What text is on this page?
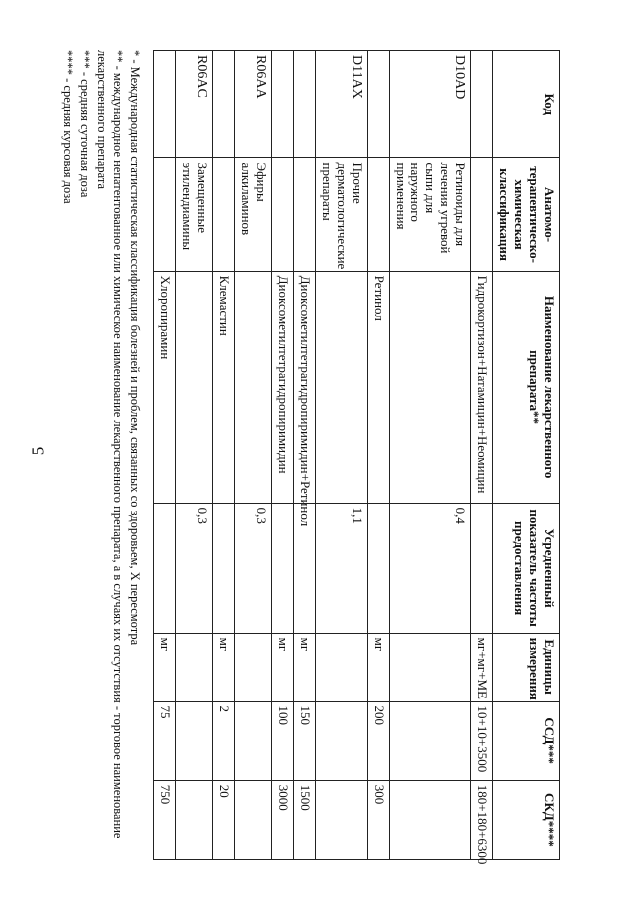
5
Код	Анатомо-терапевтическо-химическая классификация	Наименование лекарственного препарата**	Усредненный показатель частоты предоставления	Единицы измерения	ССД***	СКД****
		Гидрокортизон+Натамицин+Неомицин		мг+мг+МЕ	10+10+3500	180+180+6300
D10AD	Ретиноиды для лечения угревой сыпи для наружного применения		0,4			
		Ретинол		мг	200	300
D11AX	Прочие дерматологические препараты		1,1			
		Диоксометилтетрагидропиримидин+Ретинол		мг	150	1500
		Диоксометилтетрагидропиримидин		мг	100	3000
R06AA	Эфиры алкиламинов		0,3			
		Клемастин		мг	2	20
R06AC	Замещенные этилендиамины		0,3			
		Хлоропирамин		мг	75	750
* - Международная статистическая классификация болезней и проблем, связанных со здоровьем, X пересмотра
** - международное непатентованное или химическое наименование лекарственного препарата, а в случаях их отсутствия - торговое наименование лекарственного препарата
*** - средняя суточная доза
**** - средняя курсовая доза
